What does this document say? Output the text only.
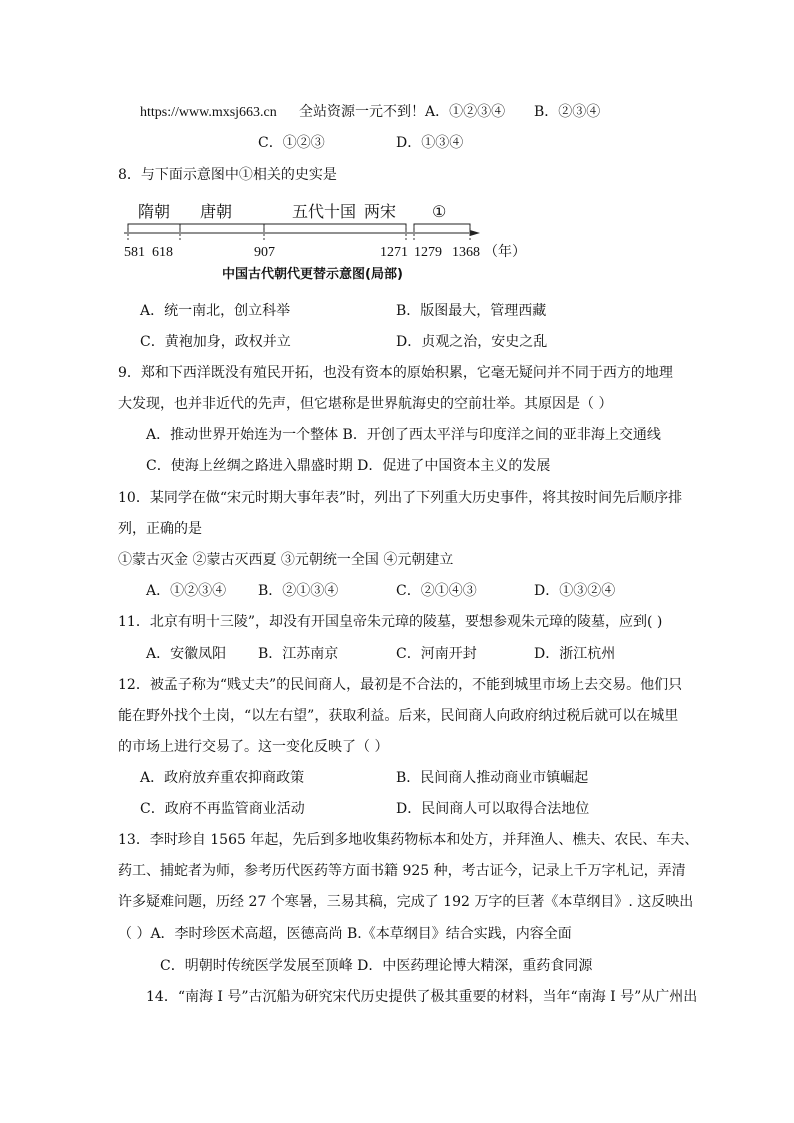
https://www.mxsj663.cn 全站资源一元不到！A．①②③④ B．②③④
C．①②③	D．①③④
8．与下面示意图中①相关的史实是
隋朝 唐朝	五代十国 两宋 ①
581 618	907	1271 1279 1368 （年）
中国古代朝代更替示意图(局部)
A．统一南北，创立科举	B．版图最大，管理西藏
C．黄袍加身，政权并立	D．贞观之治，安史之乱
9．郑和下西洋既没有殖民开拓，也没有资本的原始积累，它毫无疑问并不同于西方的地理
大发现，也并非近代的先声，但它堪称是世界航海史的空前壮举。其原因是（ ）
A．推动世界开始连为一个整体 B．开创了西太平洋与印度洋之间的亚非海上交通线
C．使海上丝绸之路进入鼎盛时期 D．促进了中国资本主义的发展
10．某同学在做“宋元时期大事年表”时，列出了下列重大历史事件，将其按时间先后顺序排
列，正确的是
①蒙古灭金 ②蒙古灭西夏 ③元朝统一全国 ④元朝建立
A．①②③④ B．②①③④	C．②①④③	D．①③②④
11．北京有明十三陵”，却没有开国皇帝朱元璋的陵墓，要想参观朱元璋的陵墓，应到( )
A．安徽凤阳 B．江苏南京	C．河南开封	D．浙江杭州
12．被孟子称为“贱丈夫”的民间商人，最初是不合法的，不能到城里市场上去交易。他们只
能在野外找个土岗，“以左右望”，获取利益。后来，民间商人向政府纳过税后就可以在城里
的市场上进行交易了。这一变化反映了（ ）
A．政府放弃重农抑商政策	B．民间商人推动商业市镇崛起
C．政府不再监管商业活动	D．民间商人可以取得合法地位
13．李时珍自 1565 年起，先后到多地收集药物标本和处方，并拜渔人、樵夫、农民、车夫、
药工、捕蛇者为师，参考历代医药等方面书籍 925 种，考古证今，记录上千万字札记，弄清
许多疑难问题，历经 27 个寒暑，三易其稿，完成了 192 万字的巨著《本草纲目》. 这反映出
（ ）A．李时珍医术高超，医德高尚 B.《本草纲目》结合实践，内容全面
C．明朝时传统医学发展至顶峰 D．中医药理论博大精深，重药食同源
14．“南海 I 号”古沉船为研究宋代历史提供了极其重要的材料，当年“南海 I 号”从广州出
